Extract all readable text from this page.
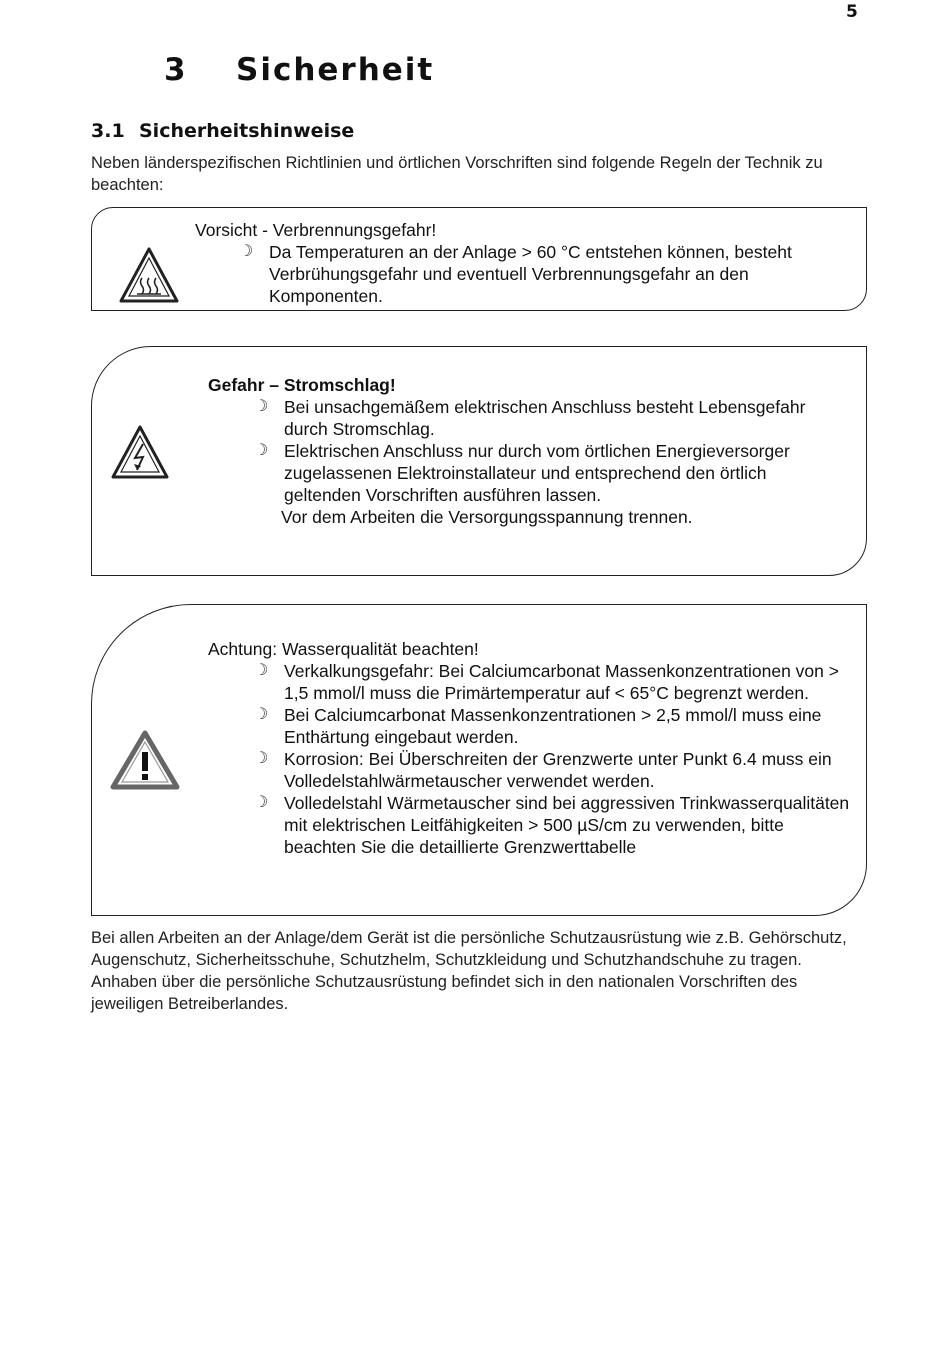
5
3 Sicherheit
3.1 Sicherheitshinweise

Neben länderspezifischen Richtlinien und örtlichen Vorschriften sind folgende Regeln der Technik zu beachten:

Vorsicht - Verbrennungsgefahr!
☽ Da Temperaturen an der Anlage > 60 °C entstehen können, besteht Verbrühungsgefahr und eventuell Verbrennungsgefahr an den Komponenten.
Gefahr – Stromschlag!
☽ Bei unsachgemäßem elektrischen Anschluss besteht Lebensgefahr durch Stromschlag.
☽ Elektrischen Anschluss nur durch vom örtlichen Energieversorger zugelassenen Elektroinstallateur und entsprechend den örtlich geltenden Vorschriften ausführen lassen.
Vor dem Arbeiten die Versorgungsspannung trennen.
Achtung: Wasserqualität beachten!
☽ Verkalkungsgefahr: Bei Calciumcarbonat Massenkonzentrationen von > 1,5 mmol/l muss die Primärtemperatur auf < 65°C begrenzt werden.
☽ Bei Calciumcarbonat Massenkonzentrationen > 2,5 mmol/l muss eine Enthärtung eingebaut werden.
☽ Korrosion: Bei Überschreiten der Grenzwerte unter Punkt 6.4 muss ein Volledelstahlwärmetauscher verwendet werden.
☽ Volledelstahl Wärmetauscher sind bei aggressiven Trinkwasserqualitäten mit elektrischen Leitfähigkeiten > 500 µS/cm zu verwenden, bitte beachten Sie die detaillierte Grenzwerttabelle

Bei allen Arbeiten an der Anlage/dem Gerät ist die persönliche Schutzausrüstung wie z.B. Gehörschutz, Augenschutz, Sicherheitsschuhe, Schutzhelm, Schutzkleidung und Schutzhandschuhe zu tragen. Anhaben über die persönliche Schutzausrüstung befindet sich in den nationalen Vorschriften des jeweiligen Betreiberlandes.
